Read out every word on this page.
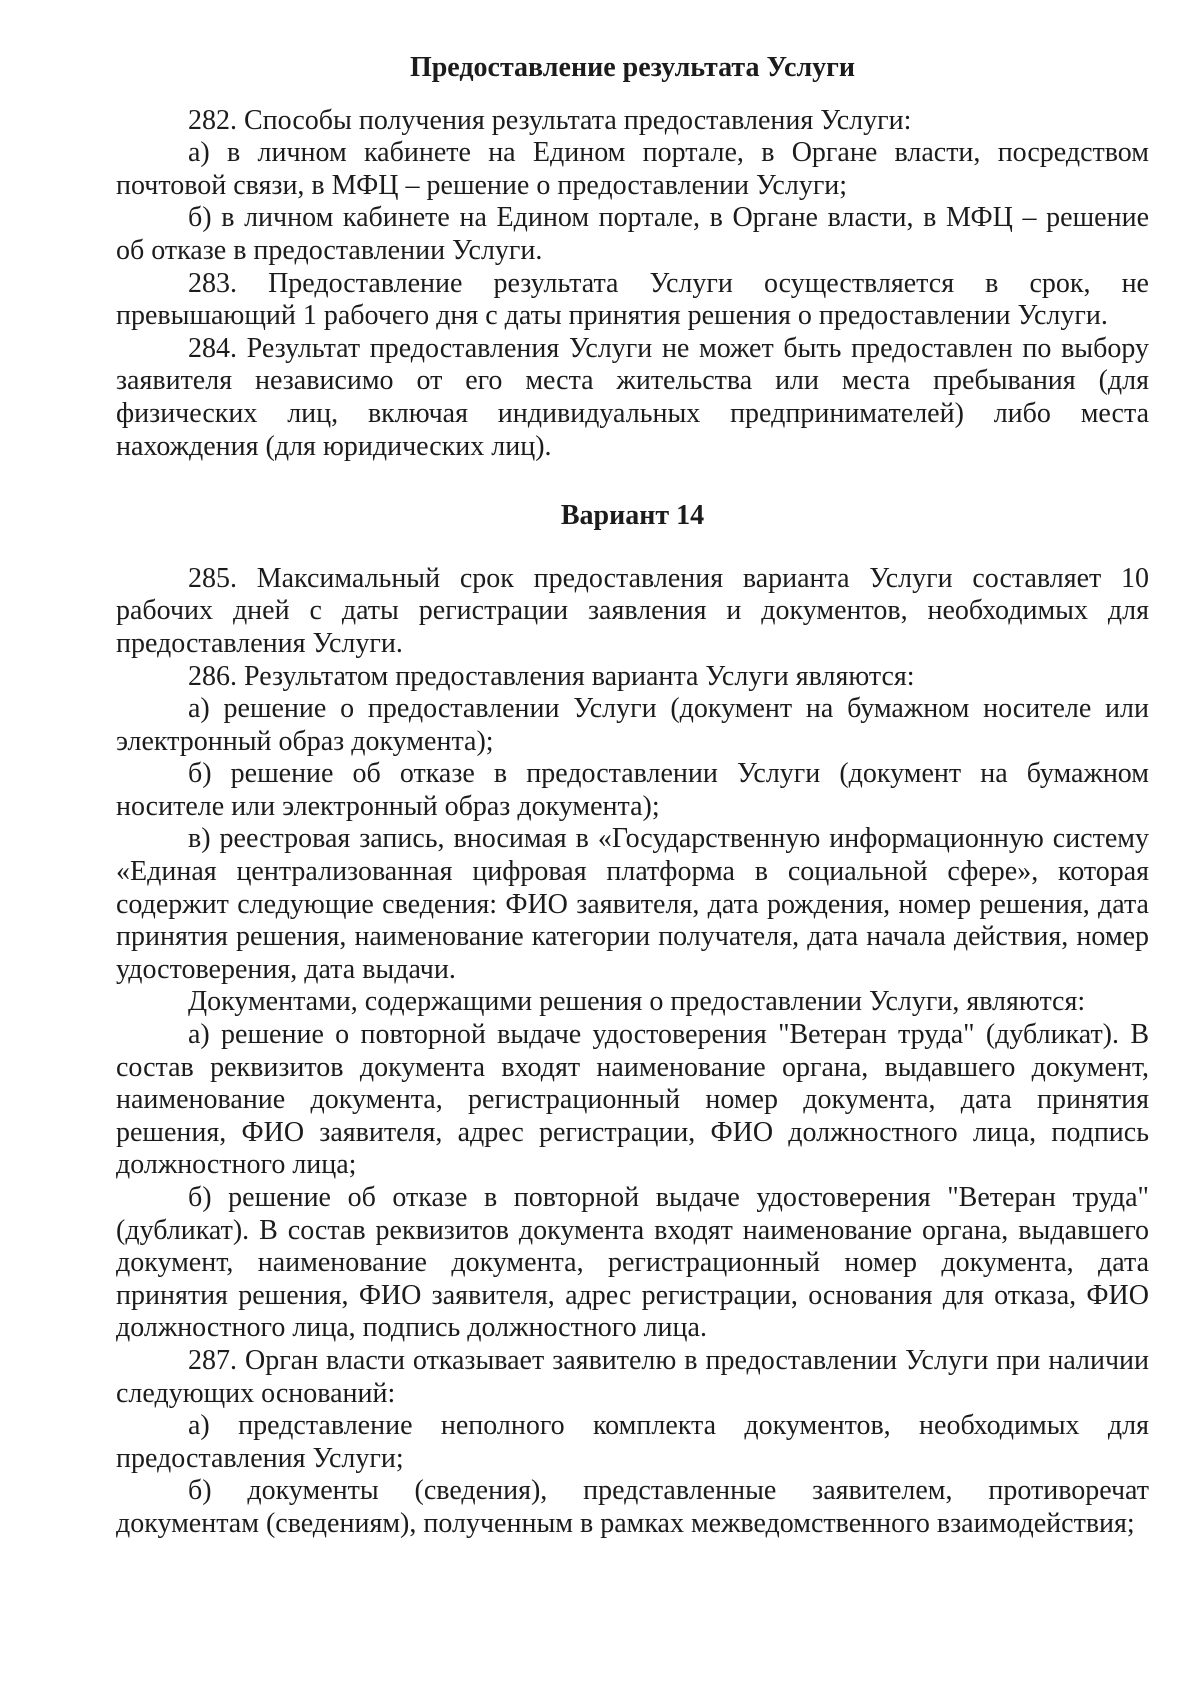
Предоставление результата Услуги

282. Способы получения результата предоставления Услуги:

а) в личном кабинете на Едином портале, в Органе власти, посредством почтовой связи, в МФЦ – решение о предоставлении Услуги;

б) в личном кабинете на Едином портале, в Органе власти, в МФЦ – решение об отказе в предоставлении Услуги.

283. Предоставление результата Услуги осуществляется в срок, не превышающий 1 рабочего дня с даты принятия решения о предоставлении Услуги.

284. Результат предоставления Услуги не может быть предоставлен по выбору заявителя независимо от его места жительства или места пребывания (для физических лиц, включая индивидуальных предпринимателей) либо места нахождения (для юридических лиц).

Вариант 14

285. Максимальный срок предоставления варианта Услуги составляет 10 рабочих дней с даты регистрации заявления и документов, необходимых для предоставления Услуги.

286. Результатом предоставления варианта Услуги являются:

а) решение о предоставлении Услуги (документ на бумажном носителе или электронный образ документа);

б) решение об отказе в предоставлении Услуги (документ на бумажном носителе или электронный образ документа);

в) реестровая запись, вносимая в «Государственную информационную систему «Единая централизованная цифровая платформа в социальной сфере», которая содержит следующие сведения: ФИО заявителя, дата рождения, номер решения, дата принятия решения, наименование категории получателя, дата начала действия, номер удостоверения, дата выдачи.

Документами, содержащими решения о предоставлении Услуги, являются:

а) решение о повторной выдаче удостоверения "Ветеран труда" (дубликат). В состав реквизитов документа входят наименование органа, выдавшего документ, наименование документа, регистрационный номер документа, дата принятия решения, ФИО заявителя, адрес регистрации, ФИО должностного лица, подпись должностного лица;

б) решение об отказе в повторной выдаче удостоверения "Ветеран труда" (дубликат). В состав реквизитов документа входят наименование органа, выдавшего документ, наименование документа, регистрационный номер документа, дата принятия решения, ФИО заявителя, адрес регистрации, основания для отказа, ФИО должностного лица, подпись должностного лица.

287. Орган власти отказывает заявителю в предоставлении Услуги при наличии следующих оснований:

а) представление неполного комплекта документов, необходимых для предоставления Услуги;

б) документы (сведения), представленные заявителем, противоречат документам (сведениям), полученным в рамках межведомственного взаимодействия;
